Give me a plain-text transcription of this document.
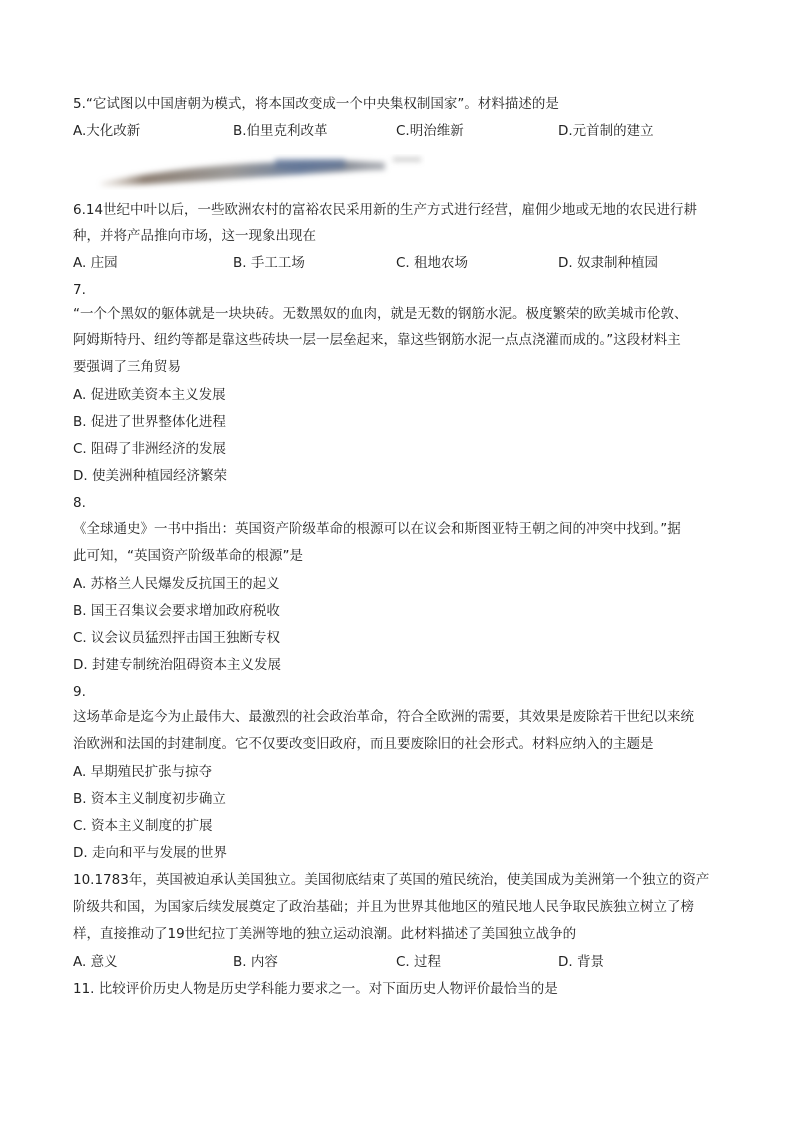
5.“它试图以中国唐朝为模式，将本国改变成一个中央集权制国家”。材料描述的是
A.大化改新	B.伯里克利改革	C.明治维新	D.元首制的建立
6.14世纪中叶以后，一些欧洲农村的富裕农民采用新的生产方式进行经营，雇佣少地或无地的农民进行耕
种，并将产品推向市场，这一现象出现在
A. 庄园	B. 手工工场	C. 租地农场	D. 奴隶制种植园
7.
“一个个黑奴的躯体就是一块块砖。无数黑奴的血肉，就是无数的钢筋水泥。极度繁荣的欧美城市伦敦、
阿姆斯特丹、纽约等都是靠这些砖块一层一层垒起来，靠这些钢筋水泥一点点浇灌而成的。”这段材料主
要强调了三角贸易
A. 促进欧美资本主义发展
B. 促进了世界整体化进程
C. 阻碍了非洲经济的发展
D. 使美洲种植园经济繁荣
8.
《全球通史》一书中指出：英国资产阶级革命的根源可以在议会和斯图亚特王朝之间的冲突中找到。”据
此可知，“英国资产阶级革命的根源”是
A. 苏格兰人民爆发反抗国王的起义
B. 国王召集议会要求增加政府税收
C. 议会议员猛烈抨击国王独断专权
D. 封建专制统治阻碍资本主义发展
9.
这场革命是迄今为止最伟大、最激烈的社会政治革命，符合全欧洲的需要，其效果是废除若干世纪以来统
治欧洲和法国的封建制度。它不仅要改变旧政府，而且要废除旧的社会形式。材料应纳入的主题是
A. 早期殖民扩张与掠夺
B. 资本主义制度初步确立
C. 资本主义制度的扩展
D. 走向和平与发展的世界
10.1783年，英国被迫承认美国独立。美国彻底结束了英国的殖民统治，使美国成为美洲第一个独立的资产
阶级共和国，为国家后续发展奠定了政治基础；并且为世界其他地区的殖民地人民争取民族独立树立了榜
样，直接推动了19世纪拉丁美洲等地的独立运动浪潮。此材料描述了美国独立战争的
A. 意义	B. 内容	C. 过程	D. 背景
11. 比较评价历史人物是历史学科能力要求之一。对下面历史人物评价最恰当的是
